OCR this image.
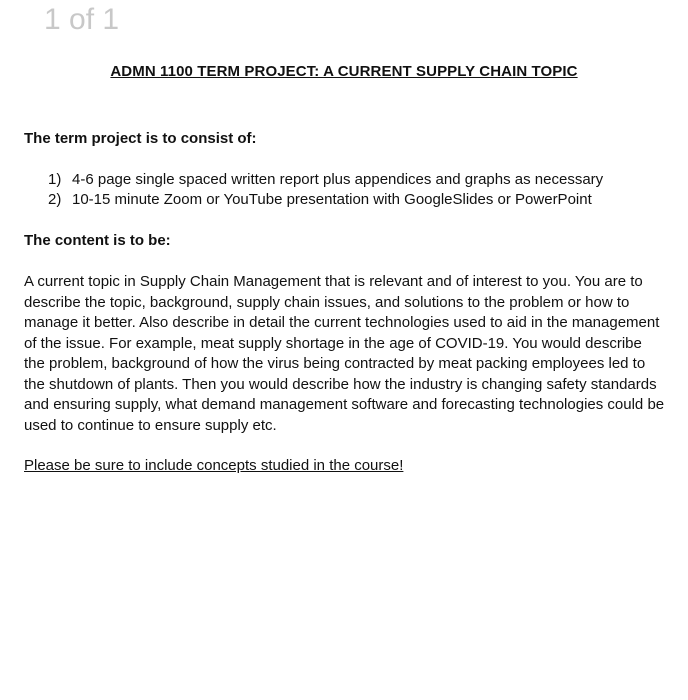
1 of 1
ADMN 1100 TERM PROJECT: A CURRENT SUPPLY CHAIN TOPIC
The term project is to consist of:
1) 4-6 page single spaced written report plus appendices and graphs as necessary
2) 10-15 minute Zoom or YouTube presentation with GoogleSlides or PowerPoint
The content is to be:

A current topic in Supply Chain Management that is relevant and of interest to you. You are to describe the topic, background, supply chain issues, and solutions to the problem or how to manage it better. Also describe in detail the current technologies used to aid in the management of the issue. For example, meat supply shortage in the age of COVID-19. You would describe the problem, background of how the virus being contracted by meat packing employees led to the shutdown of plants. Then you would describe how the industry is changing safety standards and ensuring supply, what demand management software and forecasting technologies could be used to continue to ensure supply etc.

Please be sure to include concepts studied in the course!
